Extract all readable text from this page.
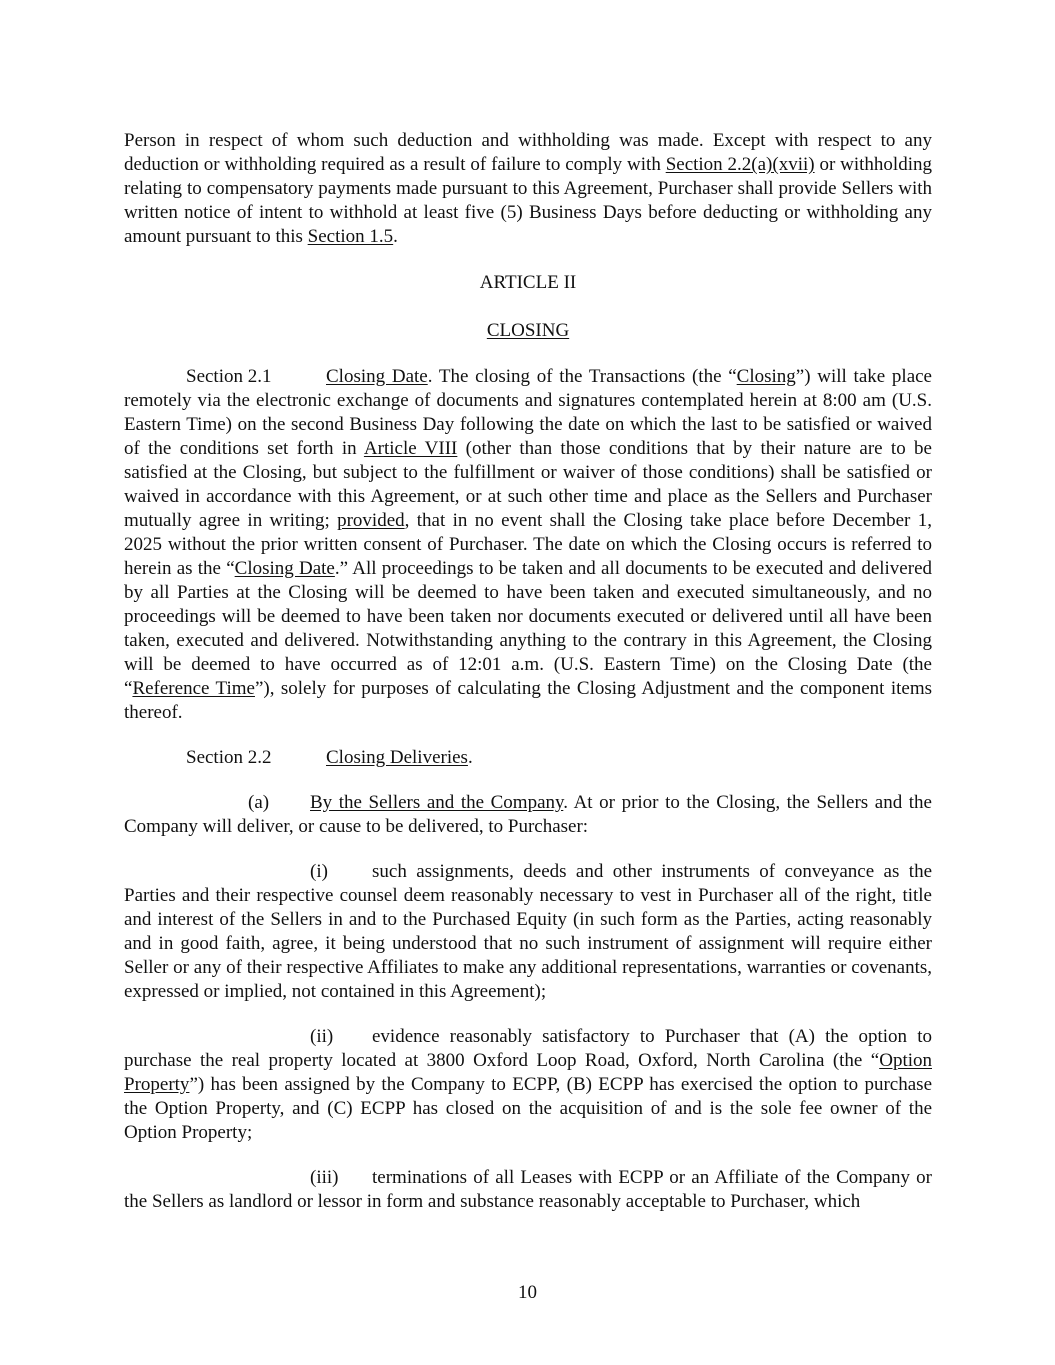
Person in respect of whom such deduction and withholding was made. Except with respect to any deduction or withholding required as a result of failure to comply with Section 2.2(a)(xvii) or withholding relating to compensatory payments made pursuant to this Agreement, Purchaser shall provide Sellers with written notice of intent to withhold at least five (5) Business Days before deducting or withholding any amount pursuant to this Section 1.5.

ARTICLE II

CLOSING

Section 2.1	Closing Date. The closing of the Transactions (the “Closing”) will take place remotely via the electronic exchange of documents and signatures contemplated herein at 8:00 am (U.S. Eastern Time) on the second Business Day following the date on which the last to be satisfied or waived of the conditions set forth in Article VIII (other than those conditions that by their nature are to be satisfied at the Closing, but subject to the fulfillment or waiver of those conditions) shall be satisfied or waived in accordance with this Agreement, or at such other time and place as the Sellers and Purchaser mutually agree in writing; provided, that in no event shall the Closing take place before December 1, 2025 without the prior written consent of Purchaser. The date on which the Closing occurs is referred to herein as the “Closing Date.” All proceedings to be taken and all documents to be executed and delivered by all Parties at the Closing will be deemed to have been taken and executed simultaneously, and no proceedings will be deemed to have been taken nor documents executed or delivered until all have been taken, executed and delivered. Notwithstanding anything to the contrary in this Agreement, the Closing will be deemed to have occurred as of 12:01 a.m. (U.S. Eastern Time) on the Closing Date (the “Reference Time”), solely for purposes of calculating the Closing Adjustment and the component items thereof.

Section 2.2	Closing Deliveries.

(a) By the Sellers and the Company. At or prior to the Closing, the Sellers and the Company will deliver, or cause to be delivered, to Purchaser:

(i) such assignments, deeds and other instruments of conveyance as the Parties and their respective counsel deem reasonably necessary to vest in Purchaser all of the right, title and interest of the Sellers in and to the Purchased Equity (in such form as the Parties, acting reasonably and in good faith, agree, it being understood that no such instrument of assignment will require either Seller or any of their respective Affiliates to make any additional representations, warranties or covenants, expressed or implied, not contained in this Agreement);

(ii) evidence reasonably satisfactory to Purchaser that (A) the option to purchase the real property located at 3800 Oxford Loop Road, Oxford, North Carolina (the “Option Property”) has been assigned by the Company to ECPP, (B) ECPP has exercised the option to purchase the Option Property, and (C) ECPP has closed on the acquisition of and is the sole fee owner of the Option Property;

(iii) terminations of all Leases with ECPP or an Affiliate of the Company or the Sellers as landlord or lessor in form and substance reasonably acceptable to Purchaser, which

10
